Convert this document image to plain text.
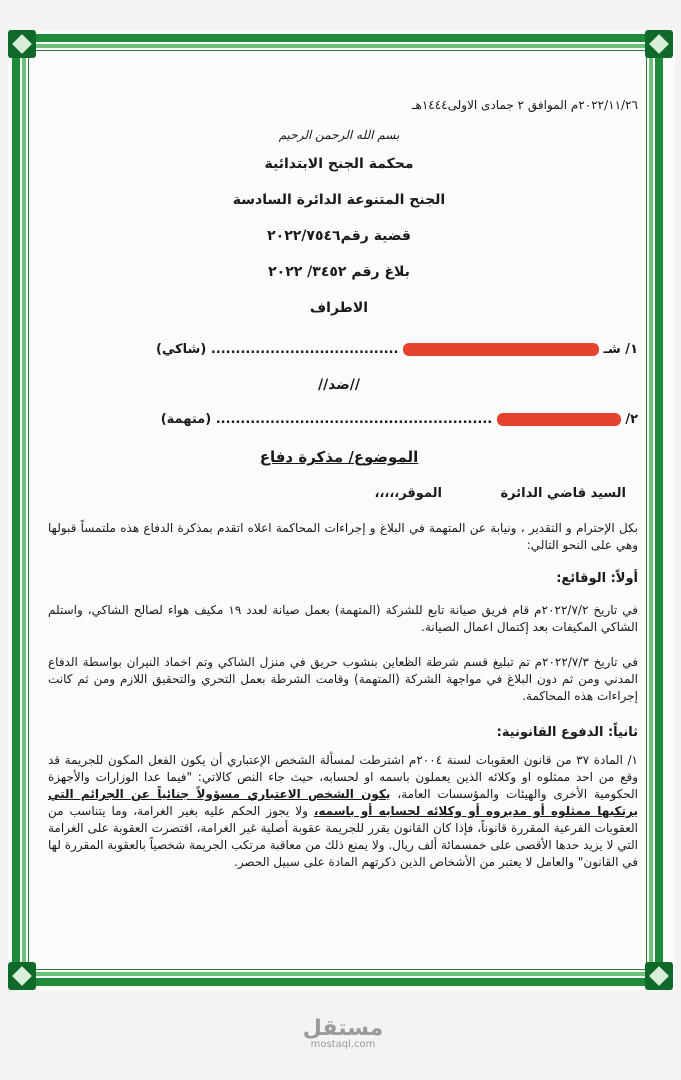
٢٠٢٢/١١/٢٦م الموافق ٢ جمادى الاولى١٤٤٤هـ
بسم الله الرحمن الرحيم
محكمة الجنح الابتدائية
الجنح المتنوعة الدائرة السادسة
قضية رقم٢٠٢٢/٧٥٤٦
بلاغ رقم ٣٤٥٢/ ٢٠٢٢
الاطراف
١/ شـ  ...................................... (شاكي)
//ضد//
٢/  ........................................................ (متهمة)
الموضوع/ مذكرة دفاع
السيد قاضي الدائرة
الموقر،،،،،
بكل الإحترام و التقدير ، ونيابة عن المتهمة في البلاغ و إجراءات المحاكمة اعلاه اتقدم بمذكرة الدفاع هذه ملتمساً قبولها وهي على النحو التالي:
أولاً: الوقائع:
في تاريخ ٢٠٢٢/٧/٢م قام فريق صيانة تابع للشركة (المتهمة) بعمل صيانة لعدد ١٩ مكيف هواء لصالح الشاكي، واستلم الشاكي المكيفات بعد إكتمال اعمال الصيانة.
في تاريخ ٢٠٢٢/٧/٣م تم تبليغ قسم شرطة الظعاين بنشوب حريق في منزل الشاكي وتم اخماد النيران بواسطة الدفاع المدني ومن ثم دون البلاغ في مواجهة الشركة (المتهمة) وقامت الشرطة بعمل التحري والتحقيق اللازم ومن ثم كانت إجراءات هذه المحاكمة.
ثانياً: الدفوع القانونية:
١/ المادة ٣٧ من قانون العقوبات لسنة ٢٠٠٤م اشترطت لمسألة الشخص الإعتباري أن يكون الفعل المكون للجريمة قد وقع من احد ممثلوه او وكلائه الذين يعملون باسمه او لحسابه، حيث جاء النص كالاتي: "فيما عدا الوزارات والأجهزة الحكومية الأخرى والهيئات والمؤسسات العامة، يكون الشخص الاعتباري مسؤولاً جنائياً عن الجرائم التي يرتكبها ممثلوه أو مديروه أو وكلائه لحسابه أو باسمه، ولا يجوز الحكم عليه بغير الغرامة، وما يتناسب من العقوبات الفرعية المقررة قانوناً، فإذا كان القانون يقرر للجريمة عقوبة أصلية غير الغرامة، اقتصرت العقوبة على الغرامة التي لا يزيد حدها الأقصى على خمسمائة ألف ريال. ولا يمنع ذلك من معاقبة مرتكب الجريمة شخصياً بالعقوبة المقررة لها في القانون" والعامل لا يعتبر من الأشخاص الذين ذكرتهم المادة على سبيل الحصر.
مستقل
mostaql.com
